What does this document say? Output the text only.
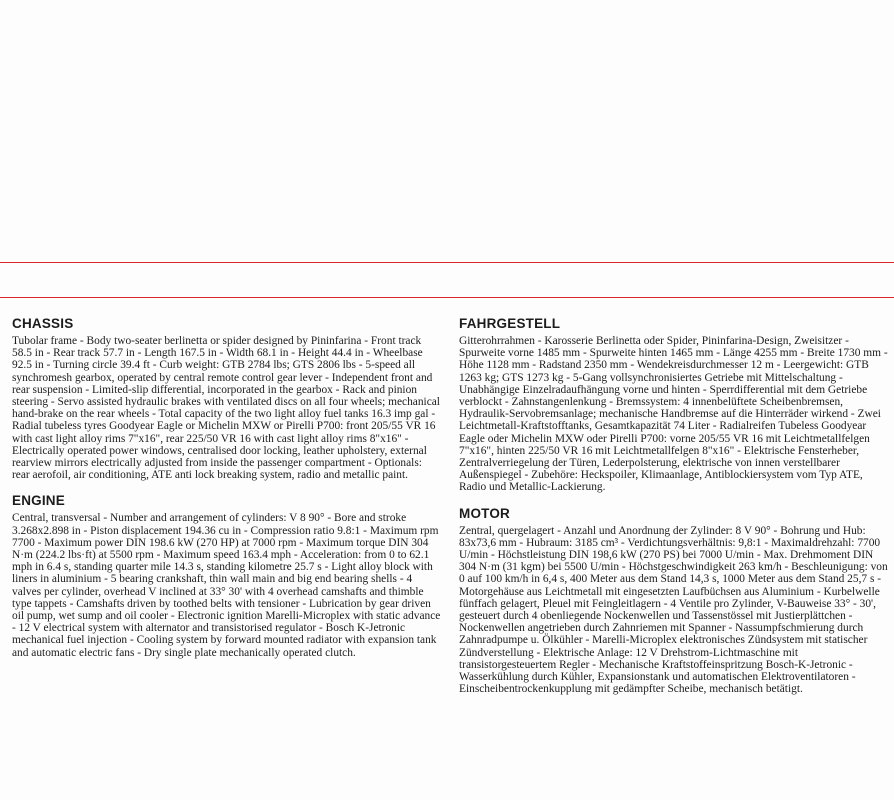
CHASSIS

Tubolar frame - Body two-seater berlinetta or spider designed by Pininfarina - Front track 58.5 in - Rear track 57.7 in - Length 167.5 in - Width 68.1 in - Height 44.4 in - Wheelbase 92.5 in - Turning circle 39.4 ft - Curb weight: GTB 2784 lbs; GTS 2806 lbs - 5-speed all synchromesh gearbox, operated by central remote control gear lever - Independent front and rear suspension - Limited-slip differential, incorporated in the gearbox - Rack and pinion steering - Servo assisted hydraulic brakes with ventilated discs on all four wheels; mechanical hand-brake on the rear wheels - Total capacity of the two light alloy fuel tanks 16.3 imp gal - Radial tubeless tyres Goodyear Eagle or Michelin MXW or Pirelli P700: front 205/55 VR 16 with cast light alloy rims 7"x16", rear 225/50 VR 16 with cast light alloy rims 8"x16" - Electrically operated power windows, centralised door locking, leather upholstery, external rearview mirrors electrically adjusted from inside the passenger compartment - Optionals: rear aerofoil, air conditioning, ATE anti lock breaking system, radio and metallic paint.

ENGINE

Central, transversal - Number and arrangement of cylinders: V 8 90° - Bore and stroke 3.268x2.898 in - Piston displacement 194.36 cu in - Compression ratio 9.8:1 - Maximum rpm 7700 - Maximum power DIN 198.6 kW (270 HP) at 7000 rpm - Maximum torque DIN 304 N·m (224.2 lbs·ft) at 5500 rpm - Maximum speed 163.4 mph - Acceleration: from 0 to 62.1 mph in 6.4 s, standing quarter mile 14.3 s, standing kilometre 25.7 s - Light alloy block with liners in aluminium - 5 bearing crankshaft, thin wall main and big end bearing shells - 4 valves per cylinder, overhead V inclined at 33° 30' with 4 overhead camshafts and thimble type tappets - Camshafts driven by toothed belts with tensioner - Lubrication by gear driven oil pump, wet sump and oil cooler - Electronic ignition Marelli-Microplex with static advance - 12 V electrical system with alternator and transistorised regulator - Bosch K-Jetronic mechanical fuel injection - Cooling system by forward mounted radiator with expansion tank and automatic electric fans - Dry single plate mechanically operated clutch.

FAHRGESTELL

Gitterohrrahmen - Karosserie Berlinetta oder Spider, Pininfarina-Design, Zweisitzer - Spurweite vorne 1485 mm - Spurweite hinten 1465 mm - Länge 4255 mm - Breite 1730 mm - Höhe 1128 mm - Radstand 2350 mm - Wendekreisdurchmesser 12 m - Leergewicht: GTB 1263 kg; GTS 1273 kg - 5-Gang vollsynchronisiertes Getriebe mit Mittelschaltung - Unabhängige Einzelradaufhängung vorne und hinten - Sperrdifferential mit dem Getriebe verblockt - Zahnstangenlenkung - Bremssystem: 4 innenbelüftete Scheibenbremsen, Hydraulik-Servobremsanlage; mechanische Handbremse auf die Hinterräder wirkend - Zwei Leichtmetall-Kraftstofftanks, Gesamtkapazität 74 Liter - Radialreifen Tubeless Goodyear Eagle oder Michelin MXW oder Pirelli P700: vorne 205/55 VR 16 mit Leichtmetallfelgen 7"x16", hinten 225/50 VR 16 mit Leichtmetallfelgen 8"x16" - Elektrische Fensterheber, Zentralverriegelung der Türen, Lederpolsterung, elektrische von innen verstellbarer Außenspiegel - Zubehöre: Heckspoiler, Klimaanlage, Antiblockiersystem vom Typ ATE, Radio und Metallic-Lackierung.

MOTOR

Zentral, quergelagert - Anzahl und Anordnung der Zylinder: 8 V 90° - Bohrung und Hub: 83x73,6 mm - Hubraum: 3185 cm³ - Verdichtungsverhältnis: 9,8:1 - Maximaldrehzahl: 7700 U/min - Höchstleistung DIN 198,6 kW (270 PS) bei 7000 U/min - Max. Drehmoment DIN 304 N·m (31 kgm) bei 5500 U/min - Höchstgeschwindigkeit 263 km/h - Beschleunigung: von 0 auf 100 km/h in 6,4 s, 400 Meter aus dem Stand 14,3 s, 1000 Meter aus dem Stand 25,7 s - Motorgehäuse aus Leichtmetall mit eingesetzten Laufbüchsen aus Aluminium - Kurbelwelle fünffach gelagert, Pleuel mit Feingleitlagern - 4 Ventile pro Zylinder, V-Bauweise 33° - 30', gesteuert durch 4 obenliegende Nockenwellen und Tassenstössel mit Justierplättchen - Nockenwellen angetrieben durch Zahnriemen mit Spanner - Nassumpfschmierung durch Zahnradpumpe u. Ölkühler - Marelli-Microplex elektronisches Zündsystem mit statischer Zündverstellung - Elektrische Anlage: 12 V Drehstrom-Lichtmaschine mit transistorgesteuertem Regler - Mechanische Kraftstoffeinspritzung Bosch-K-Jetronic - Wasserkühlung durch Kühler, Expansionstank und automatischen Elektroventilatoren - Einscheibentrockenkupplung mit gedämpfter Scheibe, mechanisch betätigt.
